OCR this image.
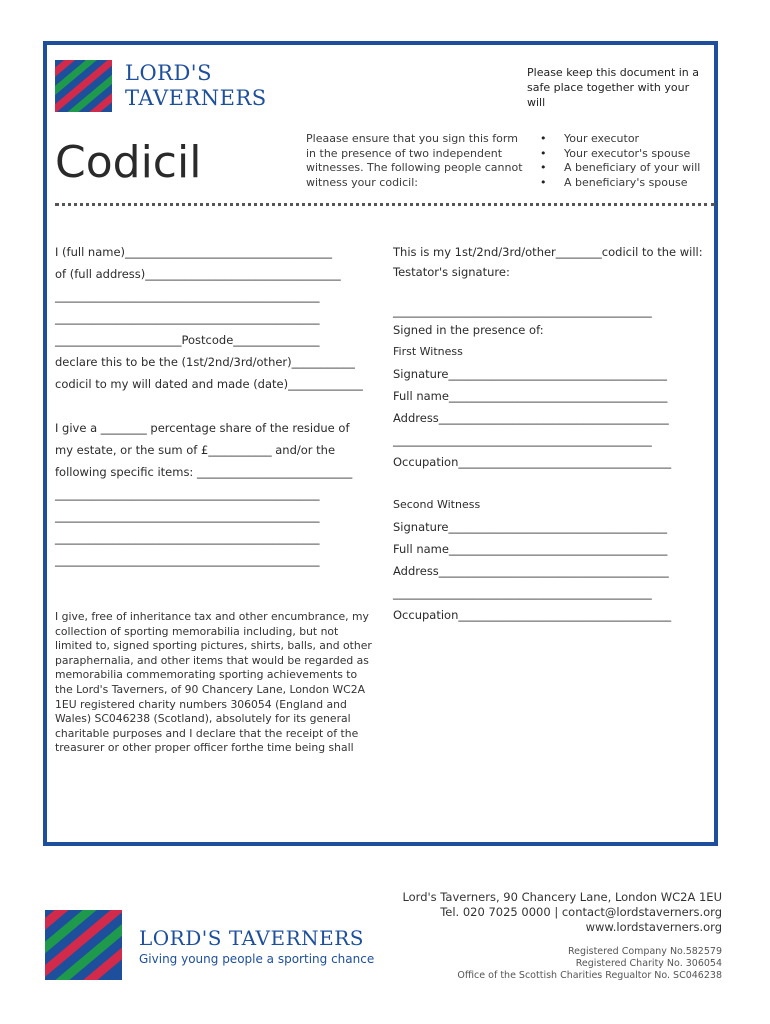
LORD'S
TAVERNERS
Please keep this document in a safe place together with your will
Codicil	Pleaase ensure that you sign this form in the presence of two independent witnesses. The following people cannot witness your codicil:
• Your executor
• Your executor's spouse
• A beneficiary of your will
• A beneficiary's spouse
I (full name)____________________________________
of (full address)__________________________________
______________________________________________
______________________________________________
______________________Postcode_______________
declare this to be the (1st/2nd/3rd/other)___________
codicil to my will dated and made (date)_____________
I give a ________ percentage share of the residue of
my estate, or the sum of £___________ and/or the
following specific items: ___________________________
______________________________________________
______________________________________________
______________________________________________
______________________________________________
I give, free of inheritance tax and other encumbrance, my collection of sporting memorabilia including, but not limited to, signed sporting pictures, shirts, balls, and other paraphernalia, and other items that would be regarded as memorabilia commemorating sporting achievements to the Lord's Taverners, of 90 Chancery Lane, London WC2A 1EU registered charity numbers 306054 (England and Wales) SC046238 (Scotland), absolutely for its general charitable purposes and I declare that the receipt of the treasurer or other proper officer forthe time being shall
This is my 1st/2nd/3rd/other________codicil to the will:
Testator's signature:
_____________________________________________
Signed in the presence of:
First Witness
Signature______________________________________
Full name______________________________________
Address________________________________________
_____________________________________________
Occupation_____________________________________
Second Witness
Signature______________________________________
Full name______________________________________
Address________________________________________
_____________________________________________
Occupation_____________________________________
LORD'S TAVERNERS
Giving young people a sporting chance
Lord's Taverners, 90 Chancery Lane, London WC2A 1EU
Tel. 020 7025 0000 | contact@lordstaverners.org
www.lordstaverners.org
Registered Company No.582579
Registered Charity No. 306054
Office of the Scottish Charities Regualtor No. SC046238
